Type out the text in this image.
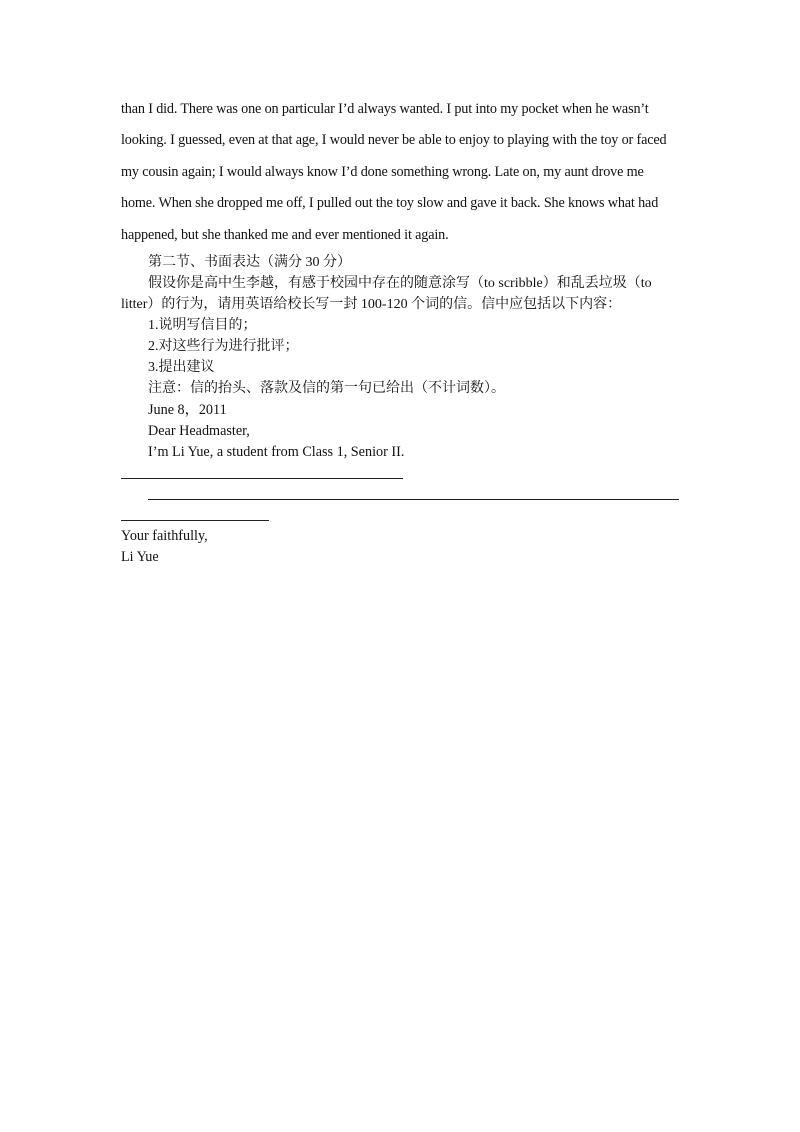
than I did. There was one on particular I’d always wanted. I put into my pocket when he wasn’t
looking. I guessed, even at that age, I would never be able to enjoy to playing with the toy or faced
my cousin again; I would always know I’d done something wrong. Late on, my aunt drove me
home. When she dropped me off, I pulled out the toy slow and gave it back. She knows what had
happened, but she thanked me and ever mentioned it again.
第二节、书面表达（满分 30 分）
假设你是高中生李越，有感于校园中存在的随意涂写（to scribble）和乱丢垃圾（to
litter）的行为，请用英语给校长写一封 100-120 个词的信。信中应包括以下内容：
1.说明写信目的；
2.对这些行为进行批评；
3.提出建议
注意：信的抬头、落款及信的第一句已给出（不计词数）。
June 8，2011
Dear Headmaster,
I’m Li Yue, a student from Class 1, Senior II.
Your faithfully,
Li Yue
